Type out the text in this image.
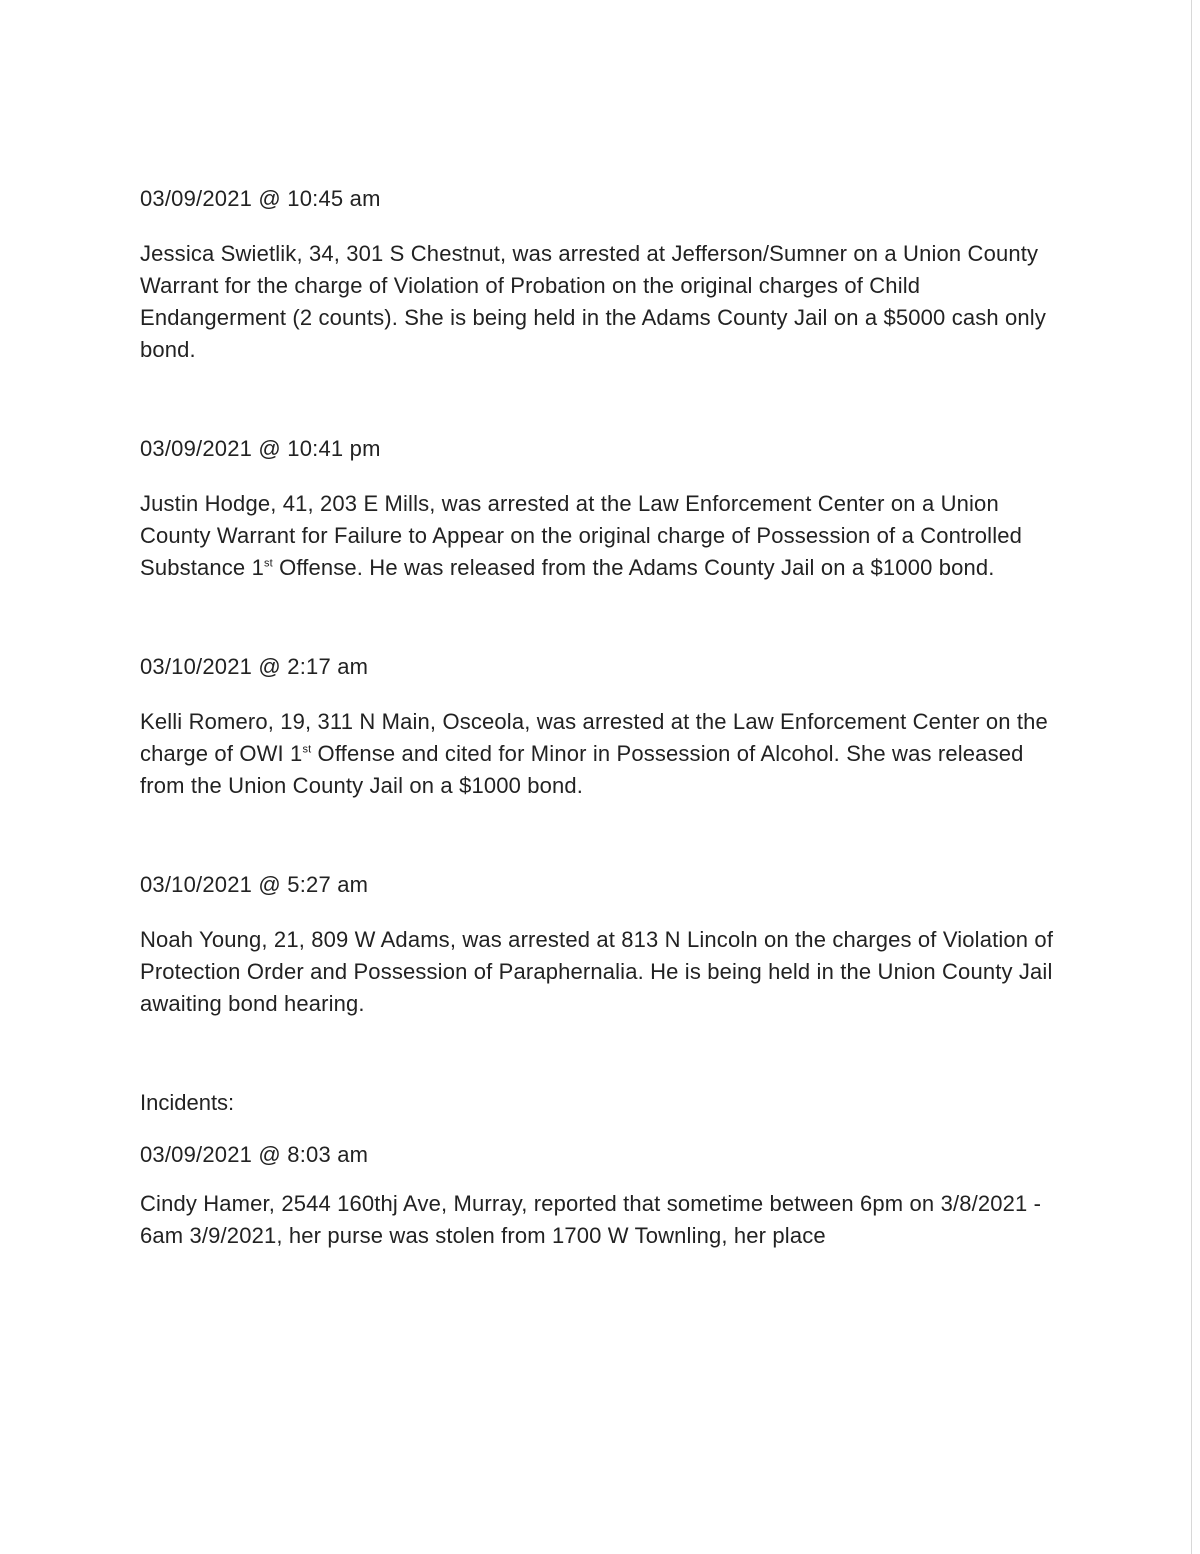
03/09/2021 @ 10:45 am

Jessica Swietlik, 34, 301 S Chestnut, was arrested at Jefferson/Sumner on a Union County Warrant for the charge of Violation of Probation on the original charges of Child Endangerment (2 counts). She is being held in the Adams County Jail on a $5000 cash only bond.

03/09/2021 @ 10:41 pm

Justin Hodge, 41, 203 E Mills, was arrested at the Law Enforcement Center on a Union County Warrant for Failure to Appear on the original charge of Possession of a Controlled Substance 1st Offense. He was released from the Adams County Jail on a $1000 bond.

03/10/2021 @ 2:17 am

Kelli Romero, 19, 311 N Main, Osceola, was arrested at the Law Enforcement Center on the charge of OWI 1st Offense and cited for Minor in Possession of Alcohol. She was released from the Union County Jail on a $1000 bond.

03/10/2021 @ 5:27 am

Noah Young, 21, 809 W Adams, was arrested at 813 N Lincoln on the charges of Violation of Protection Order and Possession of Paraphernalia. He is being held in the Union County Jail awaiting bond hearing.

Incidents:

03/09/2021 @ 8:03 am

Cindy Hamer, 2544 160thj Ave, Murray, reported that sometime between 6pm on 3/8/2021 - 6am 3/9/2021, her purse was stolen from 1700 W Townling, her place
